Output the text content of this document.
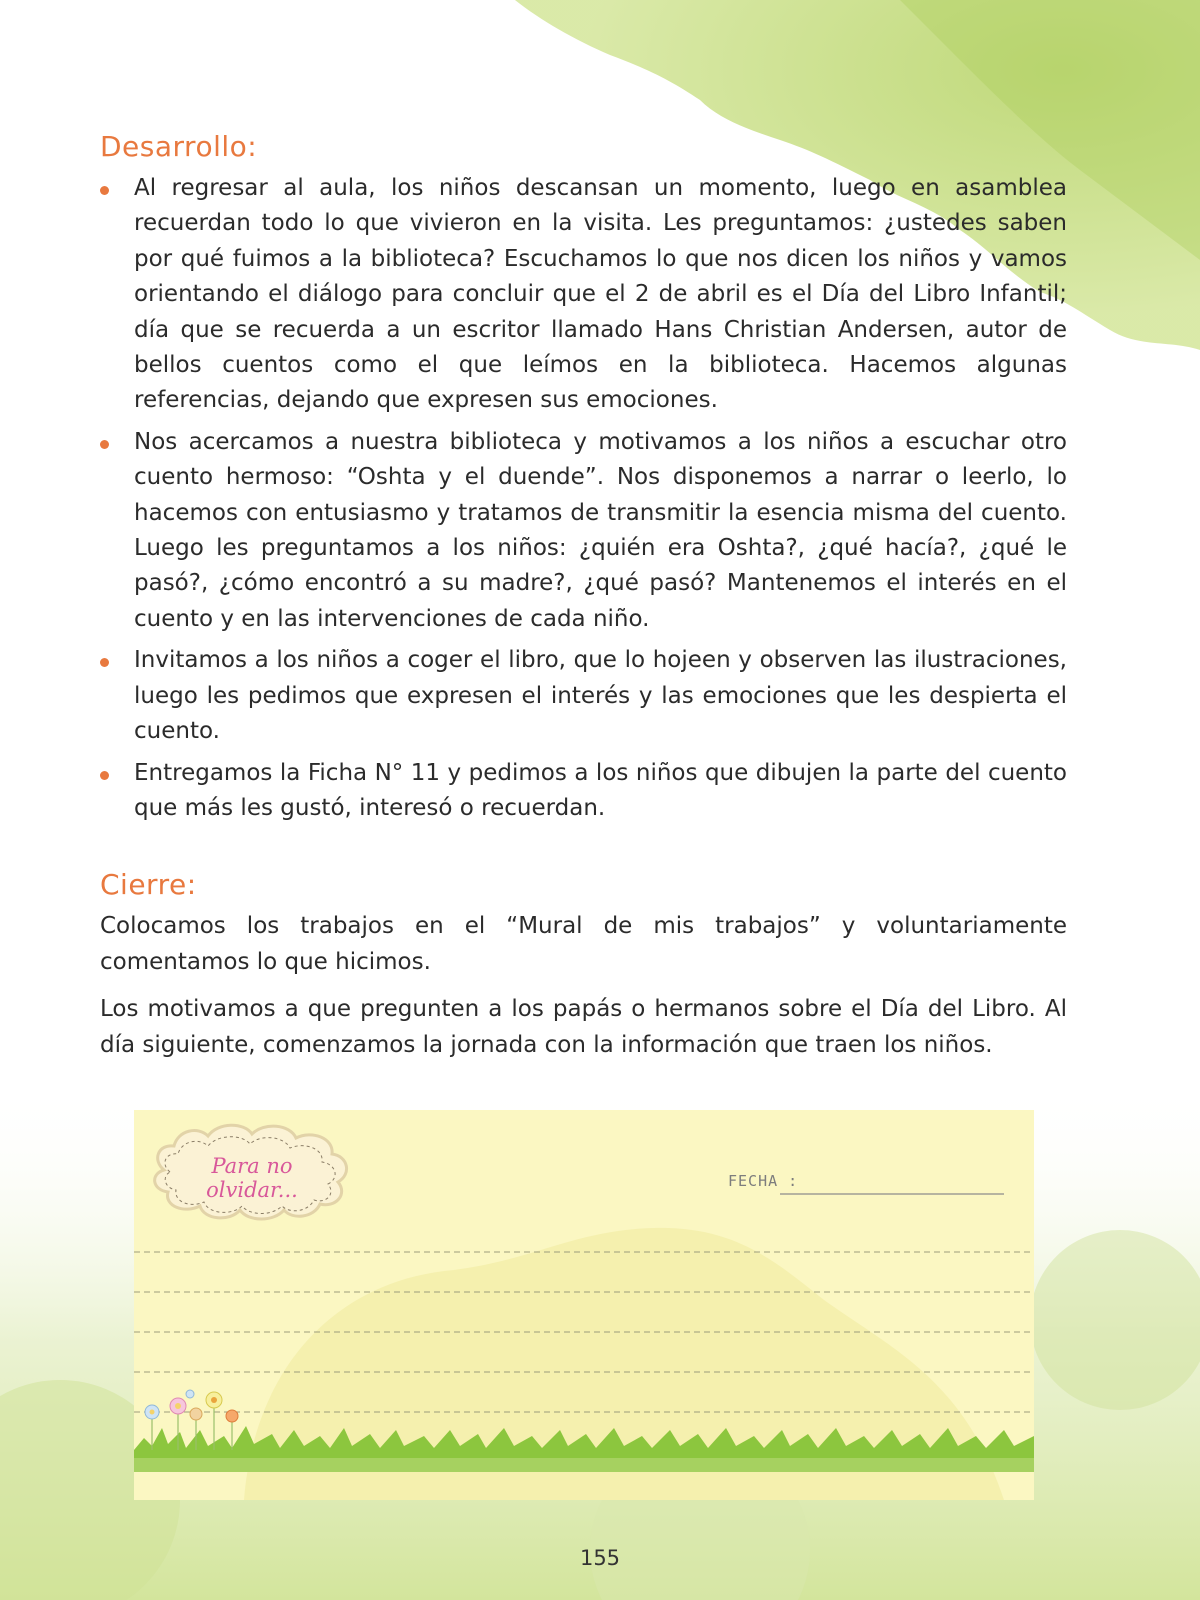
Desarrollo:
Al regresar al aula, los niños descansan un momento, luego en asamblea recuerdan todo lo que vivieron en la visita. Les preguntamos: ¿ustedes saben por qué fuimos a la biblioteca? Escuchamos lo que nos dicen los niños y vamos orientando el diálogo para concluir que el 2 de abril es el Día del Libro Infantil; día que se recuerda a un escritor llamado Hans Christian Andersen, autor de bellos cuentos como el que leímos en la biblioteca. Hacemos algunas referencias, dejando que expresen sus emociones.
Nos acercamos a nuestra biblioteca y motivamos a los niños a escuchar otro cuento hermoso: “Oshta y el duende”. Nos disponemos a narrar o leerlo, lo hacemos con entusiasmo y tratamos de transmitir la esencia misma del cuento. Luego les preguntamos a los niños: ¿quién era Oshta?, ¿qué hacía?, ¿qué le pasó?, ¿cómo encontró a su madre?, ¿qué pasó? Mantenemos el interés en el cuento y en las intervenciones de cada niño.
Invitamos a los niños a coger el libro, que lo hojeen y observen las ilustraciones, luego les pedimos que expresen el interés y las emociones que les despierta el cuento.
Entregamos la Ficha N° 11 y pedimos a los niños que dibujen la parte del cuento que más les gustó, interesó o recuerdan.
Cierre:

Colocamos los trabajos en el “Mural de mis trabajos” y voluntariamente comentamos lo que hicimos.

Los motivamos a que pregunten a los papás o hermanos sobre el Día del Libro. Al día siguiente, comenzamos la jornada con la información que traen los niños.

Para no olvidar...	FECHA :
155
